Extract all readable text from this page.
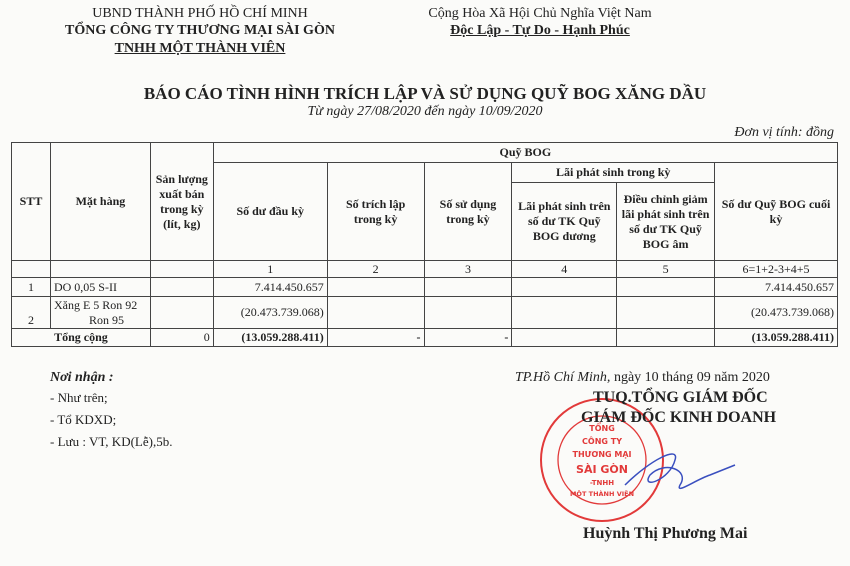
UBND THÀNH PHỐ HỒ CHÍ MINH
TỔNG CÔNG TY THƯƠNG MẠI SÀI GÒN
TNHH MỘT THÀNH VIÊN
Cộng Hòa Xã Hội Chủ Nghĩa Việt Nam
Độc Lập - Tự Do - Hạnh Phúc
BÁO CÁO TÌNH HÌNH TRÍCH LẬP VÀ SỬ DỤNG QUỸ BOG XĂNG DẦU
Từ ngày 27/08/2020 đến ngày 10/09/2020
Đơn vị tính: đồng
STT	Mặt hàng	Sản lượng xuất bán trong kỳ (lít, kg)	Quỹ BOG					
			Số dư đầu kỳ	Số trích lập trong kỳ	Số sử dụng trong kỳ	Lãi phát sinh trong kỳ		Số dư Quỹ BOG cuối kỳ
						Lãi phát sinh trên số dư TK Quỹ BOG dương	Điều chỉnh giảm lãi phát sinh trên số dư TK Quỹ BOG âm	
			1	2	3	4	5	6=1+2-3+4+5
1	DO 0,05 S-II		7.414.450.657					7.414.450.657
2	Xăng E 5 Ron 92
Ron 95		(20.473.739.068)					(20.473.739.068)
Tổng cộng		0	(13.059.288.411)	-	-			(13.059.288.411)
Nơi nhận :
- Như trên;
- Tổ KDXD;
- Lưu : VT, KD(Lễ),5b.
TP.Hồ Chí Minh, ngày 10 tháng 09 năm 2020
TỔNG
CÔNG TY
THƯƠNG MẠI
SÀI GÒN
-TNHH
MỘT THÀNH VIÊN
TUQ.TỔNG GIÁM ĐỐC
GIÁM ĐỐC KINH DOANH
Huỳnh Thị Phương Mai
